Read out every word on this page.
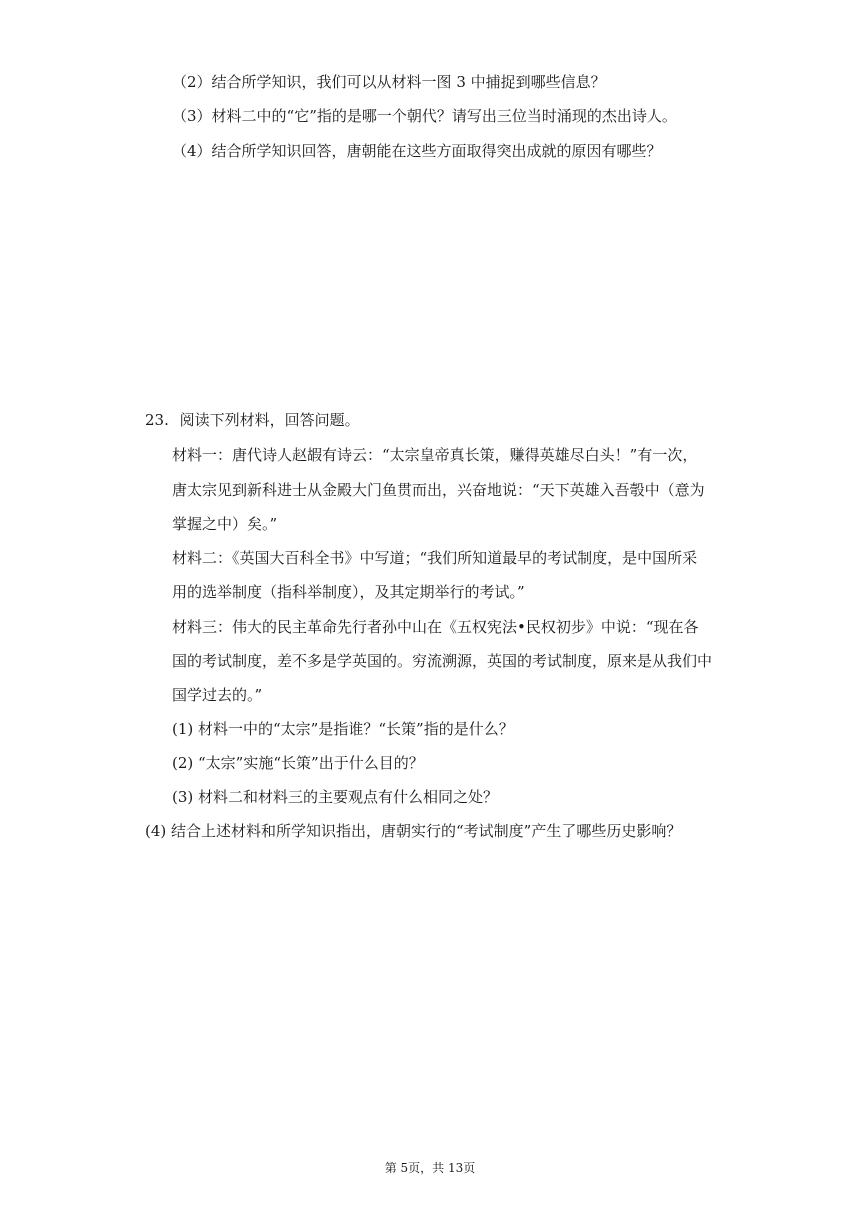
（2）结合所学知识，我们可以从材料一图 3 中捕捉到哪些信息？
（3）材料二中的“它”指的是哪一个朝代？请写出三位当时涌现的杰出诗人。
（4）结合所学知识回答，唐朝能在这些方面取得突出成就的原因有哪些？
23. 阅读下列材料，回答问题。
材料一：唐代诗人赵嘏有诗云：“太宗皇帝真长策，赚得英雄尽白头！”有一次，
唐太宗见到新科进士从金殿大门鱼贯而出，兴奋地说：“天下英雄入吾彀中（意为
掌握之中）矣。”
材料二：《英国大百科全书》中写道；“我们所知道最早的考试制度，是中国所采
用的选举制度（指科举制度），及其定期举行的考试。”
材料三：伟大的民主革命先行者孙中山在《五权宪法•民权初步》中说：“现在各
国的考试制度，差不多是学英国的。穷流溯源，英国的考试制度，原来是从我们中
国学过去的。”
(1) 材料一中的“太宗”是指谁？“长策”指的是什么？
(2) “太宗”实施“长策”出于什么目的？
(3) 材料二和材料三的主要观点有什么相同之处？
(4) 结合上述材料和所学知识指出，唐朝实行的“考试制度”产生了哪些历史影响？
第 5页，共 13页
